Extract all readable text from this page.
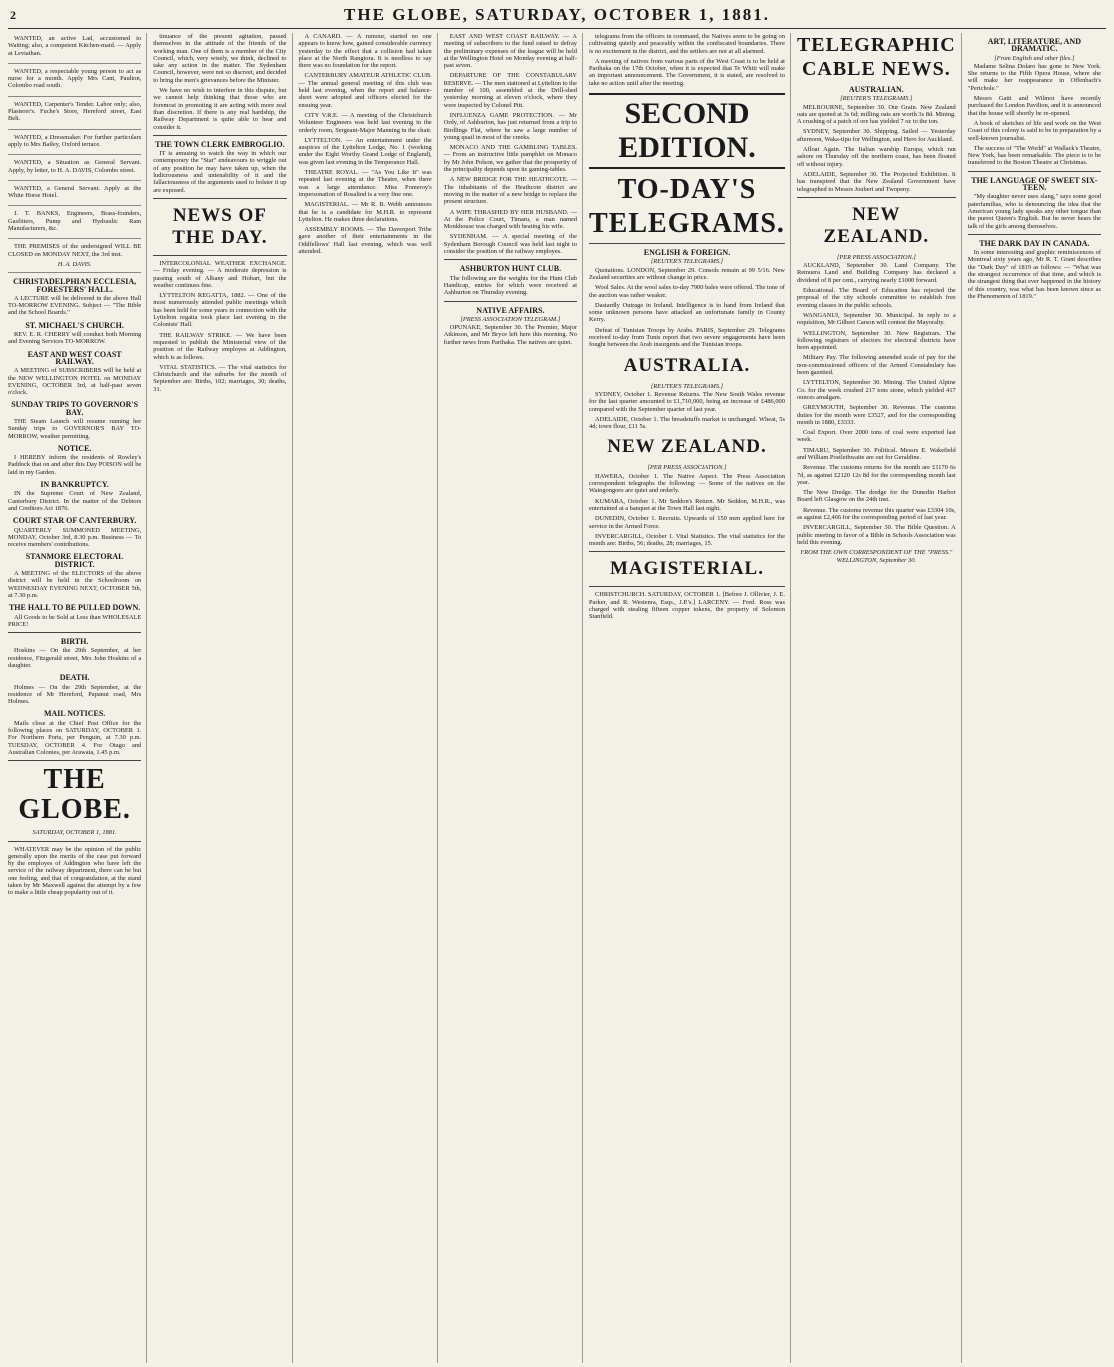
2	THE GLOBE, SATURDAY, OCTOBER 1, 1881.

WANTED, an active Lad, accustomed to Waiting; also, a competent Kitchen-maid. — Apply at Leviathan.

WANTED, a respectable young person to act as nurse for a month. Apply Mrs Cant, Paulton, Colombo road south.

WANTED, Carpenter's Tender. Labor only; also, Plasterer's. Fuche's Store, Hereford street, East Belt.

WANTED, a Dressmaker. For further particulars apply to Mrs Bailey, Oxford terrace.

WANTED, a Situation as General Servant. Apply, by letter, to H. A. DAVIS, Colombo street.

WANTED, a General Servant. Apply at the White Horse Hotel.

J. T. BANKS, Engineers, Brass-founders, Gasfitters, Pump and Hydraulic Ram Manufacturers, &c.

THE PREMISES of the undersigned WILL BE CLOSED on MONDAY NEXT, the 3rd inst.

H. A. DAVIS.
CHRISTADELPHIAN ECCLESIA, FORESTERS' HALL.

A LECTURE will be delivered in the above Hall TO-MORROW EVENING. Subject — "The Bible and the School Boards."

ST. MICHAEL'S CHURCH.

REV. E. R. CHERRY will conduct both Morning and Evening Services TO-MORROW.

EAST AND WEST COAST RAILWAY.

A MEETING of SUBSCRIBERS will be held at the NEW WELLINGTON HOTEL on MONDAY EVENING, OCTOBER 3rd, at half-past seven o'clock.

SUNDAY TRIPS TO GOVERNOR'S BAY.

THE Steam Launch will resume running her Sunday trips to GOVERNOR'S BAY TO-MORROW, weather permitting.

NOTICE.

I HEREBY inform the residents of Rowley's Paddock that on and after this Day POISON will be laid in my Garden.

IN BANKRUPTCY.

IN the Supreme Court of New Zealand, Canterbury District. In the matter of the Debtors and Creditors Act 1876.

COURT STAR OF CANTERBURY.

QUARTERLY SUMMONED MEETING, MONDAY, October 3rd, 8.30 p.m. Business — To receive members' contributions.

STANMORE ELECTORAL DISTRICT.

A MEETING of the ELECTORS of the above district will be held in the Schoolroom on WEDNESDAY EVENING NEXT, OCTOBER 5th, at 7.30 p.m.

THE HALL TO BE PULLED DOWN.

All Goods to be Sold at Less than WHOLESALE PRICE!

BIRTH.

Hoskins — On the 29th September, at her residence, Fitzgerald street, Mrs John Hoskins of a daughter.

DEATH.

Holmes — On the 29th September, at the residence of Mr Hereford, Papanui road, Mrs Holmes.

MAIL NOTICES.

Mails close at the Chief Post Office for the following places on SATURDAY, OCTOBER 1. For Northern Ports, per Penguin, at 7.30 p.m. TUESDAY, OCTOBER 4. For Otago and Australian Colonies, per Arawata, 1.45 p.m.

THE GLOBE.
SATURDAY, OCTOBER 1, 1881.

WHATEVER may be the opinion of the public generally upon the merits of the case put forward by the employes of Addington who have left the service of the railway department, there can be but one feeling, and that of congratulation, at the stand taken by Mr Maxwell against the attempt by a few to make a little cheap popularity out of it.

tinuance of the present agitation, passed themselves in the attitude of the friends of the working man. One of them is a member of the City Council, which, very wisely, we think, declined to take any action in the matter. The Sydenham Council, however, were not so discreet, and decided to bring the men's grievances before the Minister.

We have no wish to interfere in this dispute, but we cannot help thinking that those who are foremost in promoting it are acting with more zeal than discretion. If there is any real hardship, the Railway Department is quite able to hear and consider it.

THE TOWN CLERK EMBROGLIO.

IT is amusing to watch the way in which our contemporary the "Star" endeavours to wriggle out of any position he may have taken up, when the ludicrousness and untenability of it and the fallaciousness of the arguments used to bolster it up are exposed.

NEWS OF THE DAY.

INTERCOLONIAL WEATHER EXCHANGE. — Friday evening. — A moderate depression is passing south of Albany and Hobart, but the weather continues fine.

LYTTELTON REGATTA, 1882. — One of the most numerously attended public meetings which has been held for some years in connection with the Lyttelton regatta took place last evening in the Colonists' Hall.

THE RAILWAY STRIKE. — We have been requested to publish the Ministerial view of the position of the Railway employes at Addington, which is as follows.

VITAL STATISTICS. — The vital statistics for Christchurch and the suburbs for the month of September are: Births, 102; marriages, 30; deaths, 31.

A CANARD. — A rumour, started no one appears to know how, gained considerable currency yesterday to the effect that a collision had taken place at the North Rangiora. It is needless to say there was no foundation for the report.

CANTERBURY AMATEUR ATHLETIC CLUB. — The annual general meeting of this club was held last evening, when the report and balance-sheet were adopted and officers elected for the ensuing year.

CITY V.R.E. — A meeting of the Christchurch Volunteer Engineers was held last evening in the orderly room, Sergeant-Major Manning in the chair.

LYTTELTON. — An entertainment under the auspices of the Lyttelton Lodge, No. 1 (working under the Eight Worthy Grand Lodge of England), was given last evening in the Temperance Hall.

THEATRE ROYAL. — "As You Like It" was repeated last evening at the Theatre, when there was a large attendance. Miss Pomeroy's impersonation of Rosalind is a very fine one.

MAGISTERIAL. — Mr R. B. Webb announces that he is a candidate for M.H.R. to represent Lyttelton. He makes three declarations.

ASSEMBLY ROOMS. — The Davenport Tribe gave another of their entertainments in the Oddfellows' Hall last evening, which was well attended.

EAST AND WEST COAST RAILWAY. — A meeting of subscribers to the fund raised to defray the preliminary expenses of the league will be held at the Wellington Hotel on Monday evening at half-past seven.

DEPARTURE OF THE CONSTABULARY RESERVE. — The men stationed at Lyttelton to the number of 100, assembled at the Drill-shed yesterday morning at eleven o'clock, where they were inspected by Colonel Pitt.

INFLUENZA GAME PROTECTION. — Mr Ordy, of Ashburton, has just returned from a trip to Birdlings Flat, where he saw a large number of young quail in most of the creeks.

MONACO AND THE GAMBLING TABLES. — From an instructive little pamphlet on Monaco by Mr John Polson, we gather that the prosperity of the principality depends upon its gaming-tables.

A NEW BRIDGE FOR THE HEATHCOTE. — The inhabitants of the Heathcote district are moving in the matter of a new bridge to replace the present structure.

A WIFE THRASHED BY HER HUSBAND. — At the Police Court, Timaru, a man named Monkhouse was charged with beating his wife.

SYDENHAM. — A special meeting of the Sydenham Borough Council was held last night to consider the position of the railway employes.

ASHBURTON HUNT CLUB.

The following are the weights for the Hunt Club Handicap, entries for which were received at Ashburton on Thursday evening.

NATIVE AFFAIRS.
[PRESS ASSOCIATION TELEGRAM.]

OPUNAKE, September 30. The Premier, Major Atkinson, and Mr Bryce left here this morning. No further news from Parihaka. The natives are quiet.

telegrams from the officers in command, the Natives seem to be going on cultivating quietly and peaceably within the confiscated boundaries. There is no excitement in the district, and the settlers are not at all alarmed.

A meeting of natives from various parts of the West Coast is to be held at Parihaka on the 17th October, when it is expected that Te Whiti will make an important announcement. The Government, it is stated, are resolved to take no action until after the meeting.

SECOND EDITION.
TO-DAY'S
TELEGRAMS.
ENGLISH & FOREIGN.
[REUTER'S TELEGRAMS.]

Quotations. LONDON, September 29. Consols remain at 99 5/16. New Zealand securities are without change in price.

Wool Sales. At the wool sales to-day 7900 bales were offered. The tone of the auction was rather weaker.

Dastardly Outrage in Ireland. Intelligence is to hand from Ireland that some unknown persons have attacked an unfortunate family in County Kerry.

Defeat of Tunisian Troops by Arabs. PARIS, September 29. Telegrams received to-day from Tunis report that two severe engagements have been fought between the Arab insurgents and the Tunisian troops.

AUSTRALIA.
[REUTER'S TELEGRAMS.]

SYDNEY, October 1. Revenue Returns. The New South Wales revenue for the last quarter amounted to £1,710,000, being an increase of £486,000 compared with the September quarter of last year.

ADELAIDE, October 1. The breadstuffs market is unchanged. Wheat, 5s 4d; town flour, £11 5s.

NEW ZEALAND.
[PER PRESS ASSOCIATION.]

HAWERA, October 1. The Native Aspect. The Press Association correspondent telegraphs the following: — Some of the natives on the Waingongoro are quiet and orderly.

KUMARA, October 1. Mr Seddon's Return. Mr Seddon, M.H.R., was entertained at a banquet at the Town Hall last night.

DUNEDIN, October 1. Recruits. Upwards of 150 men applied here for service in the Armed Force.

INVERCARGILL, October 1. Vital Statistics. The vital statistics for the month are: Births, 56; deaths, 28; marriages, 15.

MAGISTERIAL.

CHRISTCHURCH. SATURDAY, OCTOBER 1. [Before J. Ollivier, J. E. Parker, and R. Westenra, Esqs., J.P.'s.] LARCENY. — Fred. Ross was charged with stealing fifteen copper tokens, the property of Solomon Stanfield.

TELEGRAPHIC
CABLE NEWS.
AUSTRALIAN.
[REUTER'S TELEGRAMS.]

MELBOURNE, September 30. Our Grain. New Zealand oats are quoted at 3s 6d; milling oats are worth 3s 8d. Mining. A crushing of a patch of ore has yielded 7 oz to the ton.

SYDNEY, September 30. Shipping. Sailed — Yesterday afternoon, Waka-tipu for Wellington, and Hero for Auckland.

Afloat Again. The Italian warship Europa, which ran ashore on Thursday off the northern coast, has been floated off without injury.

ADELAIDE, September 30. The Projected Exhibition. It has transpired that the New Zealand Government have telegraphed to Messrs Joubert and Twopeny.

NEW ZEALAND.
[PER PRESS ASSOCIATION.]

AUCKLAND, September 30. Land Company. The Remuera Land and Building Company has declared a dividend of 8 per cent., carrying nearly £1000 forward.

Educational. The Board of Education has rejected the proposal of the city schools committee to establish free evening classes in the public schools.

WANGANUI, September 30. Municipal. In reply to a requisition, Mr Gilbert Carson will contest the Mayoralty.

WELLINGTON, September 30. New Registrars. The following registrars of electors for electoral districts have been appointed.

Military Pay. The following amended scale of pay for the non-commissioned officers of the Armed Constabulary has been gazetted.

LYTTELTON, September 30. Mining. The United Alpine Co. for the week crushed 217 tons stone, which yielded 417 ounces amalgam.

GREYMOUTH, September 30. Revenue. The customs duties for the month were £3527, and for the corresponding month in 1880, £3333.

Coal Export. Over 2000 tons of coal were exported last week.

TIMARU, September 30. Political. Messrs E. Wakefield and William Postlethwaite are out for Geraldine.

Revenue. The customs returns for the month are £1170 6s 7d, as against £2120 12s 8d for the corresponding month last year.

The New Dredge. The dredge for the Dunedin Harbor Board left Glasgow on the 24th inst.

Revenue. The customs revenue this quarter was £3304 10s, as against £2,466 for the corresponding period of last year.

INVERCARGILL, September 30. The Bible Question. A public meeting in favor of a Bible in Schools Association was held this evening.

FROM THE OWN CORRESPONDENT OF THE "PRESS." WELLINGTON, September 30.
ART, LITERATURE, AND DRAMATIC.
[From English and other files.]

Madame Selina Dolaro has gone to New York. She returns to the Fifth Opera House, where she will make her reappearance in Offenbach's "Perichole."

Messrs Gatti and Wilmot have recently purchased the London Pavilion, and it is announced that the house will shortly be re-opened.

A book of sketches of life and work on the West Coast of this colony is said to be in preparation by a well-known journalist.

The success of "The World" at Wallack's Theatre, New York, has been remarkable. The piece is to be transferred to the Boston Theatre at Christmas.

THE LANGUAGE OF SWEET SIX-TEEN.

"My daughter never uses slang," says some good paterfamilias, who is denouncing the idea that the American young lady speaks any other tongue than the purest Queen's English. But he never hears the talk of the girls among themselves.

THE DARK DAY IN CANADA.

In some interesting and graphic reminiscences of Montreal sixty years ago, Mr R. T. Grant describes the "Dark Day" of 1819 as follows: — "What was the strangest occurrence of that time, and which is the strangest thing that ever happened in the history of this country, was what has been known since as the Phenomenon of 1819."
